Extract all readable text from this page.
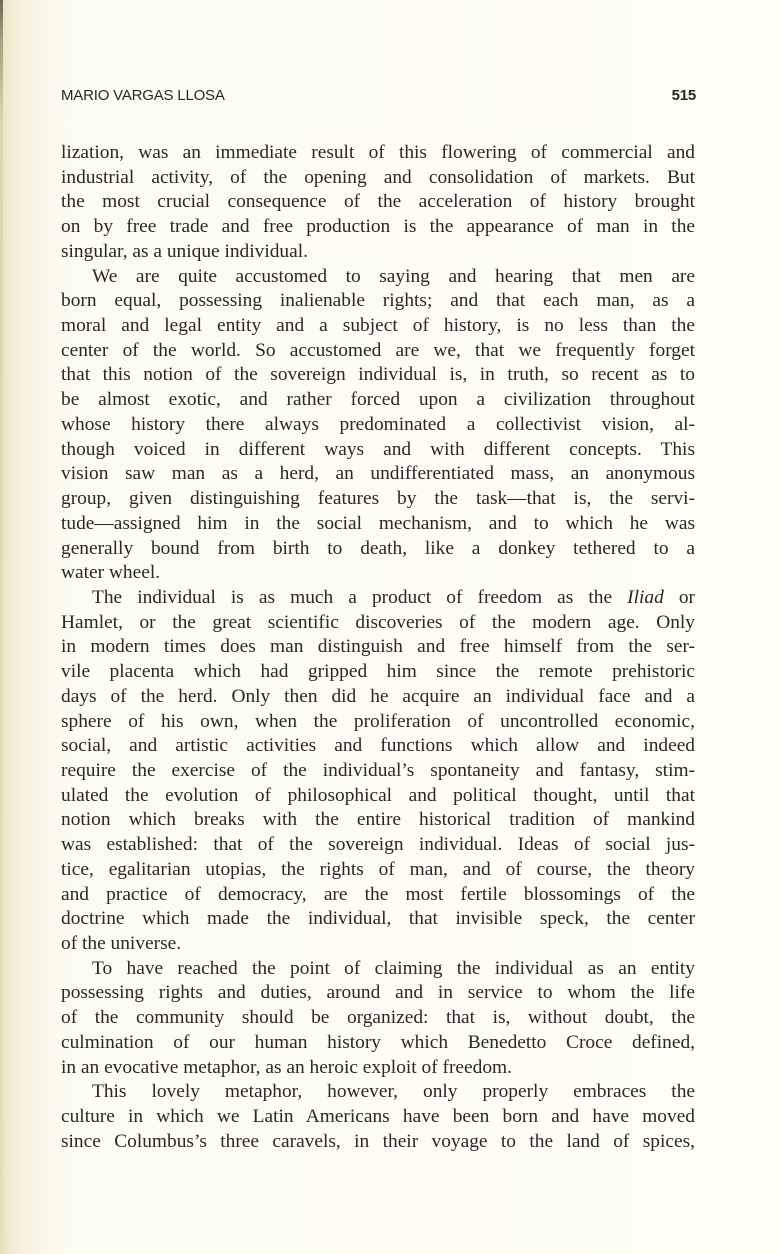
MARIO VARGAS LLOSA	515
lization, was an immediate result of this flowering of commercial and
industrial activity, of the opening and consolidation of markets. But
the most crucial consequence of the acceleration of history brought
on by free trade and free production is the appearance of man in the
singular, as a unique individual.
We are quite accustomed to saying and hearing that men are
born equal, possessing inalienable rights; and that each man, as a
moral and legal entity and a subject of history, is no less than the
center of the world. So accustomed are we, that we frequently forget
that this notion of the sovereign individual is, in truth, so recent as to
be almost exotic, and rather forced upon a civilization throughout
whose history there always predominated a collectivist vision, al-
though voiced in different ways and with different concepts. This
vision saw man as a herd, an undifferentiated mass, an anonymous
group, given distinguishing features by the task—that is, the servi-
tude—assigned him in the social mechanism, and to which he was
generally bound from birth to death, like a donkey tethered to a
water wheel.
The individual is as much a product of freedom as the Iliad or
Hamlet, or the great scientific discoveries of the modern age. Only
in modern times does man distinguish and free himself from the ser-
vile placenta which had gripped him since the remote prehistoric
days of the herd. Only then did he acquire an individual face and a
sphere of his own, when the proliferation of uncontrolled economic,
social, and artistic activities and functions which allow and indeed
require the exercise of the individual’s spontaneity and fantasy, stim-
ulated the evolution of philosophical and political thought, until that
notion which breaks with the entire historical tradition of mankind
was established: that of the sovereign individual. Ideas of social jus-
tice, egalitarian utopias, the rights of man, and of course, the theory
and practice of democracy, are the most fertile blossomings of the
doctrine which made the individual, that invisible speck, the center
of the universe.
To have reached the point of claiming the individual as an entity
possessing rights and duties, around and in service to whom the life
of the community should be organized: that is, without doubt, the
culmination of our human history which Benedetto Croce defined,
in an evocative metaphor, as an heroic exploit of freedom.
This lovely metaphor, however, only properly embraces the
culture in which we Latin Americans have been born and have moved
since Columbus’s three caravels, in their voyage to the land of spices,
